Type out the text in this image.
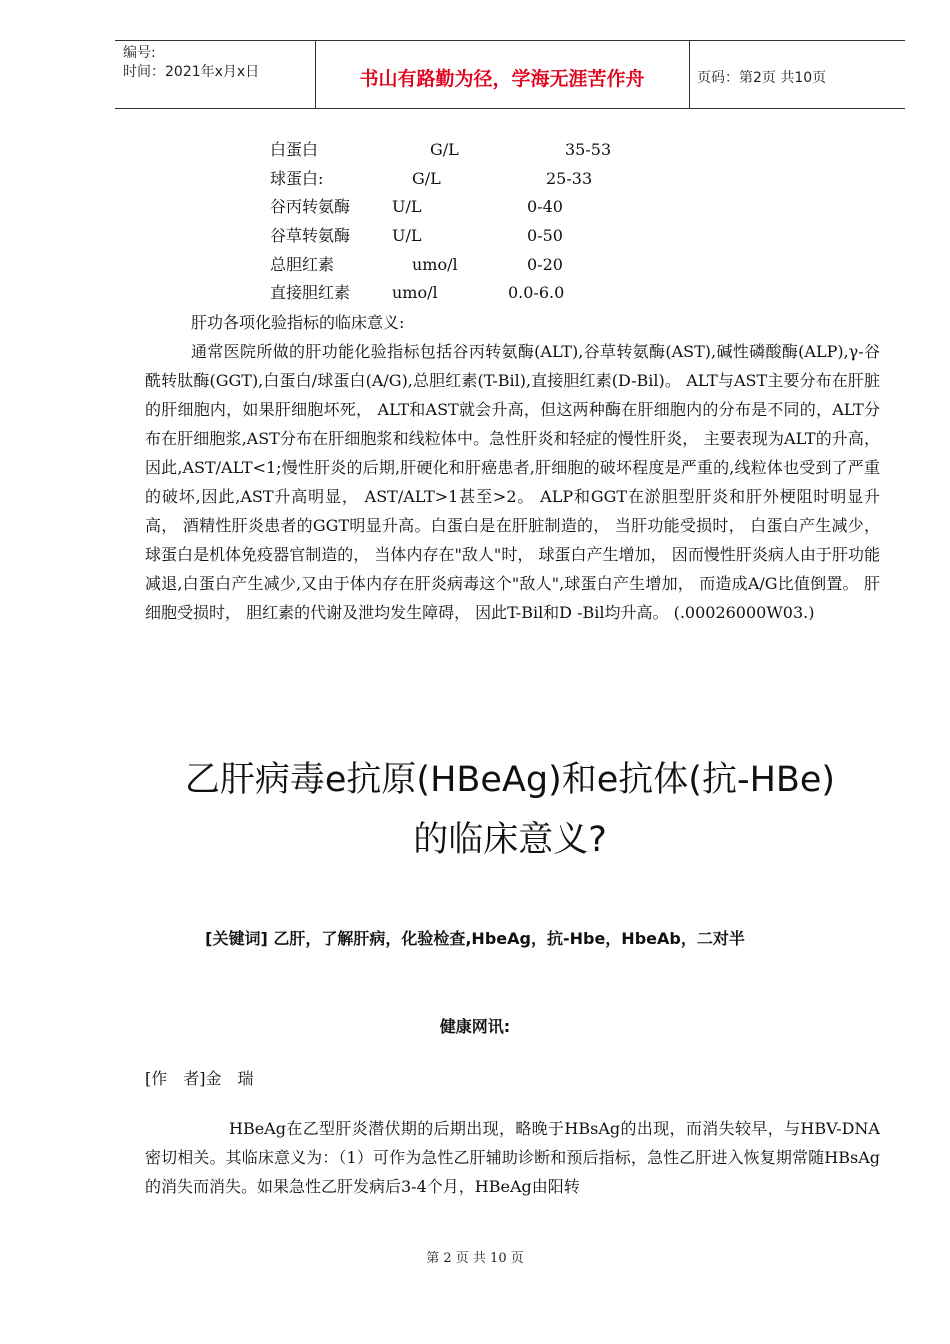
编号:
时间：2021年x月x日	书山有路勤为径，学海无涯苦作舟	页码：第2页 共10页
白蛋白	G/L	35-53
球蛋白:	G/L	25-33
谷丙转氨酶	U/L	0-40
谷草转氨酶	U/L	0-50
总胆红素	umo/l	0-20
直接胆红素	umo/l	0.0-6.0
肝功各项化验指标的临床意义:
通常医院所做的肝功能化验指标包括谷丙转氨酶(ALT),谷草转氨酶(AST),碱性磷酸酶(ALP),γ-谷酰转肽酶(GGT),白蛋白/球蛋白(A/G),总胆红素(T-Bil),直接胆红素(D-Bil)。 ALT与AST主要分布在肝脏的肝细胞内，如果肝细胞坏死， ALT和AST就会升高，但这两种酶在肝细胞内的分布是不同的，ALT分布在肝细胞浆,AST分布在肝细胞浆和线粒体中。急性肝炎和轻症的慢性肝炎， 主要表现为ALT的升高，因此,AST/ALT<1;慢性肝炎的后期,肝硬化和肝癌患者,肝细胞的破坏程度是严重的,线粒体也受到了严重的破坏,因此,AST升高明显， AST/ALT>1甚至>2。 ALP和GGT在淤胆型肝炎和肝外梗阻时明显升高， 酒精性肝炎患者的GGT明显升高。白蛋白是在肝脏制造的， 当肝功能受损时， 白蛋白产生减少， 球蛋白是机体免疫器官制造的， 当体内存在"敌人"时， 球蛋白产生增加， 因而慢性肝炎病人由于肝功能减退,白蛋白产生减少,又由于体内存在肝炎病毒这个"敌人",球蛋白产生增加， 而造成A/G比值倒置。 肝细胞受损时， 胆红素的代谢及泄均发生障碍， 因此T-Bil和D -Bil均升高。 (.00026000W03.)
乙肝病毒e抗原(HBeAg)和e抗体(抗-HBe)
的临床意义?
[关键词] 乙肝，了解肝病，化验检查,HbeAg，抗-Hbe，HbeAb，二对半
健康网讯:
[作　者]金　瑞
HBeAg在乙型肝炎潜伏期的后期出现，略晚于HBsAg的出现，而消失较早，与HBV-DNA密切相关。其临床意义为：（1）可作为急性乙肝辅助诊断和预后指标，急性乙肝进入恢复期常随HBsAg的消失而消失。如果急性乙肝发病后3-4个月，HBeAg由阳转
第 2 页 共 10 页
